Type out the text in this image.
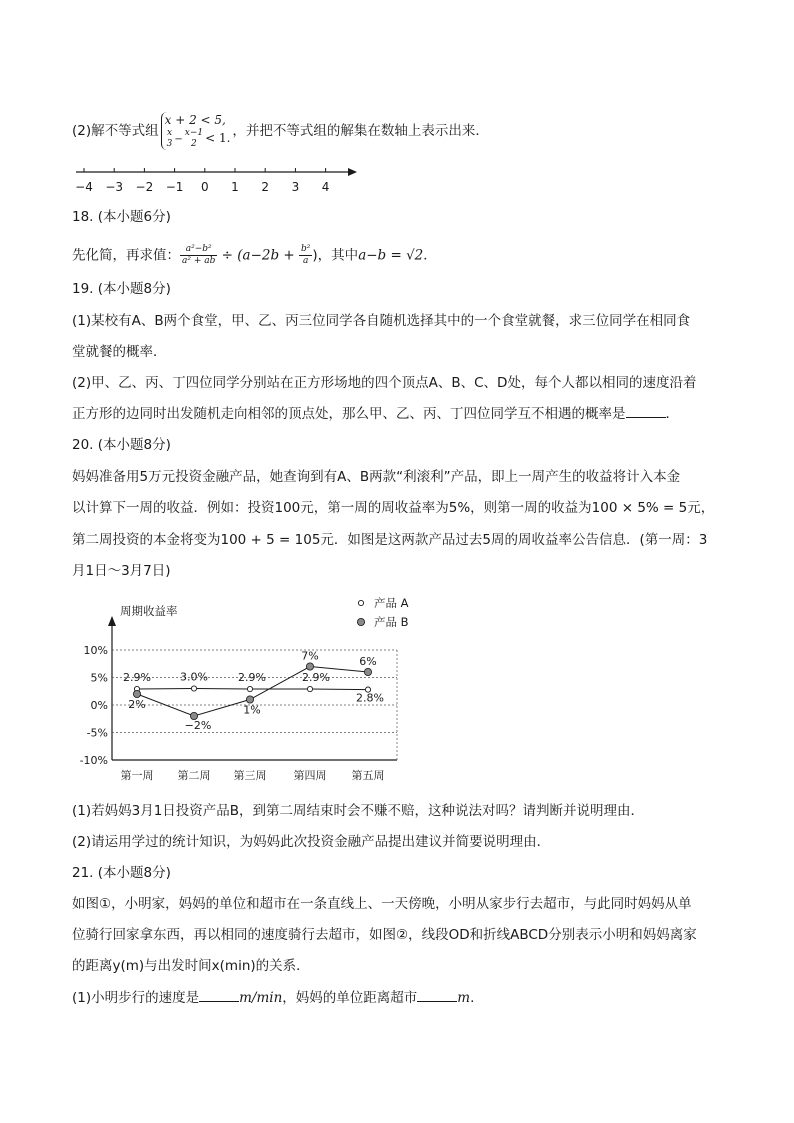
(2)解不等式组
x + 2 < 5,
x
3 −
x−1
2 < 1. ，并把不等式组的解集在数轴上表示出来．
−4 −3 −2 −1 0 1 2 3 4
18. (本小题6分)
先化简，再求值： $\frac{\text{a²−b²}}{\text{a² + ab}} \div (a-2b + \frac{\text{b²}}{a}$ )，其中a−b = √2．
19. (本小题8分)
(1)某校有A、B两个食堂，甲、乙、丙三位同学各自随机选择其中的一个食堂就餐，求三位同学在相同食
堂就餐的概率．
(2)甲、乙、丙、丁四位同学分别站在正方形场地的四个顶点A、B、C、D处，每个人都以相同的速度沿着
正方形的边同时出发随机走向相邻的顶点处，那么甲、乙、丙、丁四位同学互不相遇的概率是	．
20. (本小题8分)
妈妈准备用5万元投资金融产品，她查询到有A、B两款“利滚利”产品，即上一周产生的收益将计入本金
以计算下一周的收益．例如：投资100元，第一周的周收益率为5%，则第一周的收益为100 × 5% = 5元，
第二周投资的本金将变为100 + 5 = 105元．如图是这两款产品过去5周的周收益率公告信息．(第一周：3
月1日～3月7日)
周期收益率
10%
5%
0%
-5%
-10%
第一周 第二周 第三周 第四周 第五周
2.9%	3.0%	2.9%	2.9%
2.8%
2%
−2%
1%
7%	6%
产品 A
产品 B
(1)若妈妈3月1日投资产品B，到第二周结束时会不赚不赔，这种说法对吗？请判断并说明理由．
(2)请运用学过的统计知识，为妈妈此次投资金融产品提出建议并简要说明理由．
21. (本小题8分)
如图①，小明家，妈妈的单位和超市在一条直线上、一天傍晚，小明从家步行去超市，与此同时妈妈从单
位骑行回家拿东西，再以相同的速度骑行去超市，如图②，线段OD和折线ABCD分别表示小明和妈妈离家
的距离y(m)与出发时间x(min)的关系．
(1)小明步行的速度是	m/min，妈妈的单位距离超市	m.
